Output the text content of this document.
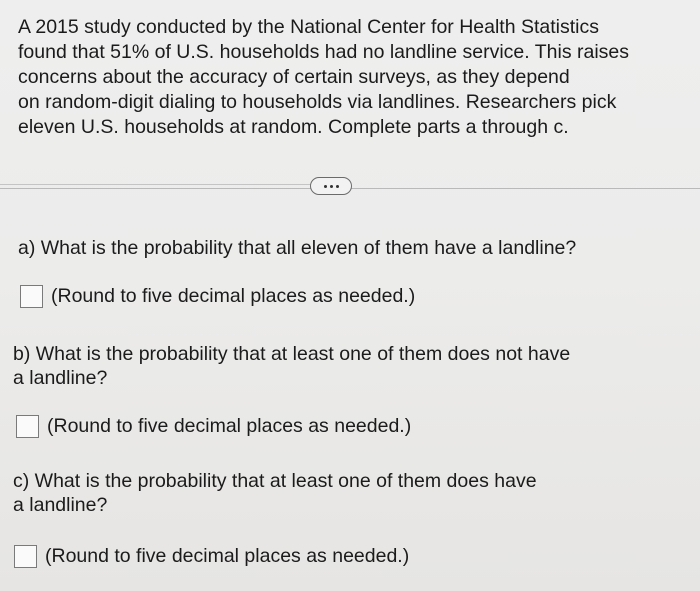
A 2015 study conducted by the National Center for Health Statistics
found that 51% of U.S. households had no landline service. This raises
concerns about the accuracy of certain surveys, as they depend
on random-digit dialing to households via landlines. Researchers pick
eleven U.S. households at random. Complete parts a through c.
a) What is the probability that all eleven of them have a landline?
(Round to five decimal places as needed.)
b) What is the probability that at least one of them does not have
a landline?
(Round to five decimal places as needed.)
c) What is the probability that at least one of them does have
a landline?
(Round to five decimal places as needed.)
